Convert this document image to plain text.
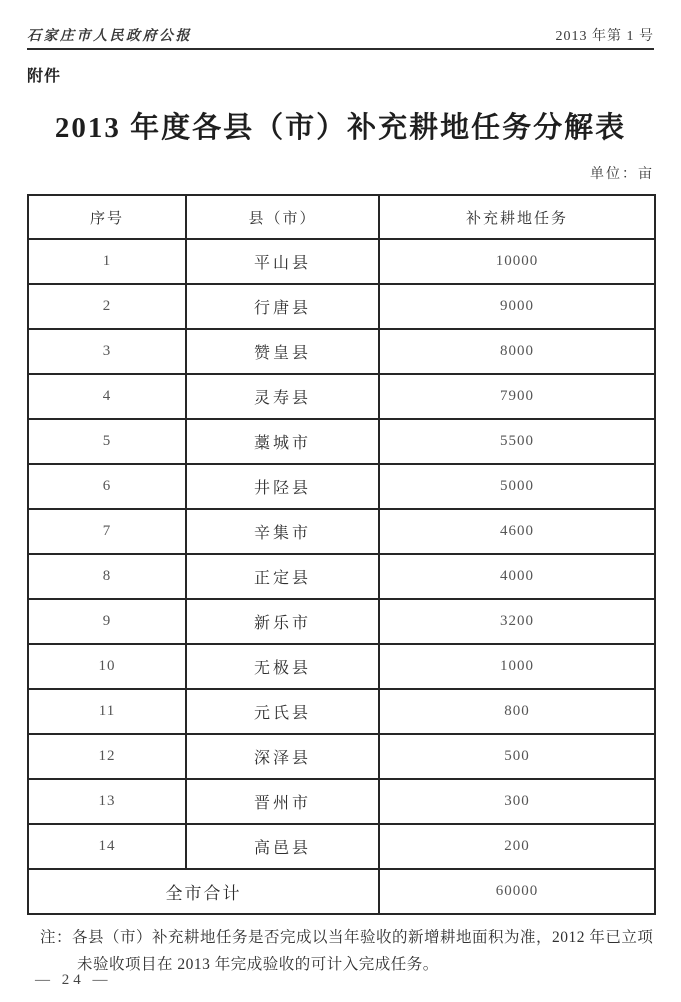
石家庄市人民政府公报	2013 年第 1 号
附件
2013 年度各县（市）补充耕地任务分解表
单位：亩
序号	县（市）	补充耕地任务
1	平山县	10000
2	行唐县	9000
3	赞皇县	8000
4	灵寿县	7900
5	藁城市	5500
6	井陉县	5000
7	辛集市	4600
8	正定县	4000
9	新乐市	3200
10	无极县	1000
11	元氏县	800
12	深泽县	500
13	晋州市	300
14	高邑县	200
全市合计		60000
注：各县（市）补充耕地任务是否完成以当年验收的新增耕地面积为准，2012 年已立项
未验收项目在 2013 年完成验收的可计入完成任务。
— 24 —
